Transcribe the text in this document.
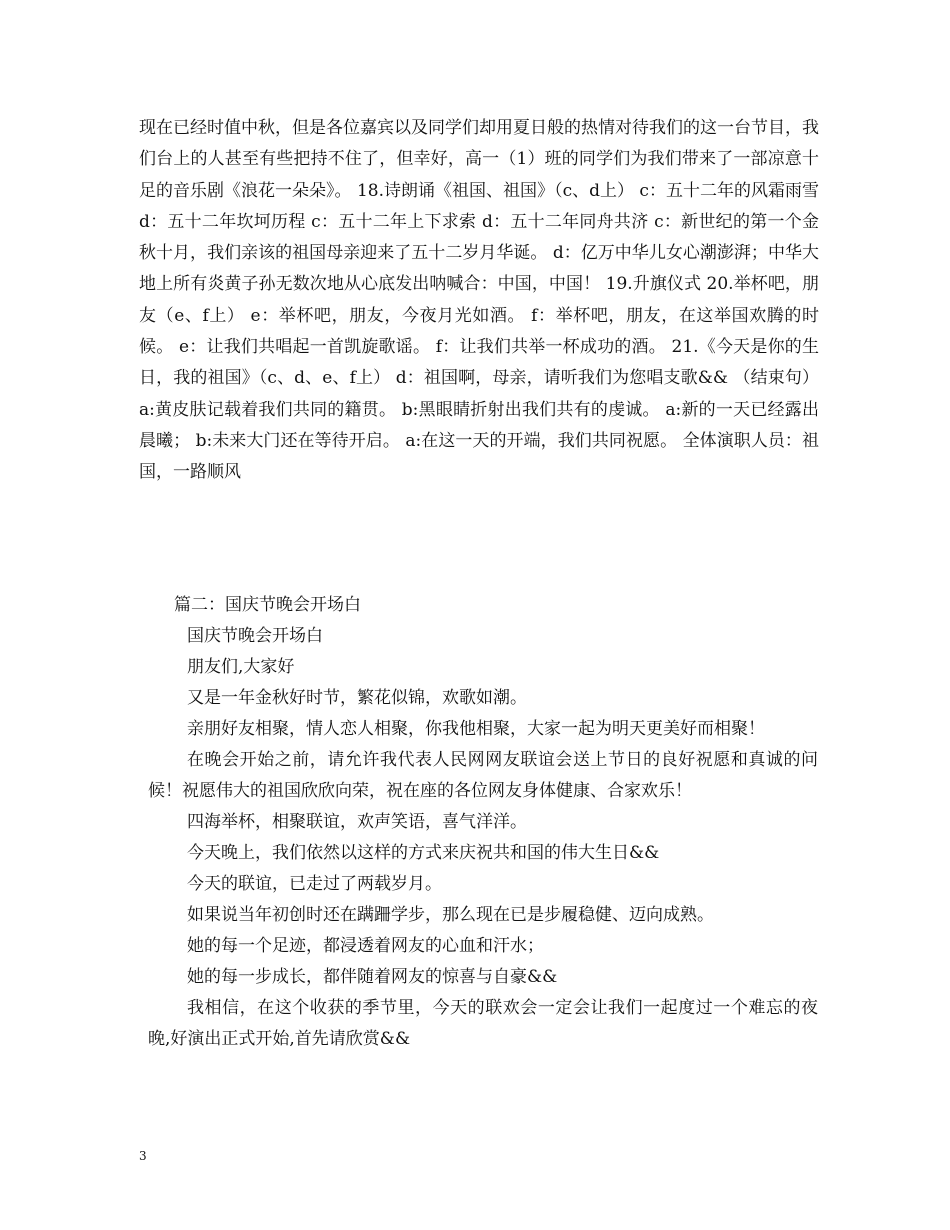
现在已经时值中秋，但是各位嘉宾以及同学们却用夏日般的热情对待我们的这一台节目，我们台上的人甚至有些把持不住了，但幸好，高一（1）班的同学们为我们带来了一部凉意十足的音乐剧《浪花一朵朵》。 18.诗朗诵《祖国、祖国》（c、d上） c：五十二年的风霜雨雪 d：五十二年坎坷历程 c：五十二年上下求索 d：五十二年同舟共济 c：新世纪的第一个金秋十月，我们亲该的祖国母亲迎来了五十二岁月华诞。 d：亿万中华儿女心潮澎湃；中华大地上所有炎黄子孙无数次地从心底发出呐喊合：中国，中国！ 19.升旗仪式 20.举杯吧，朋友（e、f上） e：举杯吧，朋友，今夜月光如酒。 f：举杯吧，朋友，在这举国欢腾的时候。 e：让我们共唱起一首凯旋歌谣。 f：让我们共举一杯成功的酒。 21.《今天是你的生日，我的祖国》（c、d、e、f上） d：祖国啊，母亲，请听我们为您唱支歌&& （结束句） a:黄皮肤记载着我们共同的籍贯。 b:黑眼睛折射出我们共有的虔诚。 a:新的一天已经露出晨曦； b:未来大门还在等待开启。 a:在这一天的开端，我们共同祝愿。 全体演职人员：祖国，一路顺风
篇二：国庆节晚会开场白
国庆节晚会开场白
朋友们,大家好
又是一年金秋好时节，繁花似锦，欢歌如潮。
亲朋好友相聚，情人恋人相聚，你我他相聚，大家一起为明天更美好而相聚！
在晚会开始之前，请允许我代表人民网网友联谊会送上节日的良好祝愿和真诚的问候！祝愿伟大的祖国欣欣向荣，祝在座的各位网友身体健康、合家欢乐！
四海举杯，相聚联谊，欢声笑语，喜气洋洋。
今天晚上，我们依然以这样的方式来庆祝共和国的伟大生日&&
今天的联谊，已走过了两载岁月。
如果说当年初创时还在蹒跚学步，那么现在已是步履稳健、迈向成熟。
她的每一个足迹，都浸透着网友的心血和汗水；
她的每一步成长，都伴随着网友的惊喜与自豪&&
我相信，在这个收获的季节里，今天的联欢会一定会让我们一起度过一个难忘的夜晚,好演出正式开始,首先请欣赏&&
3
